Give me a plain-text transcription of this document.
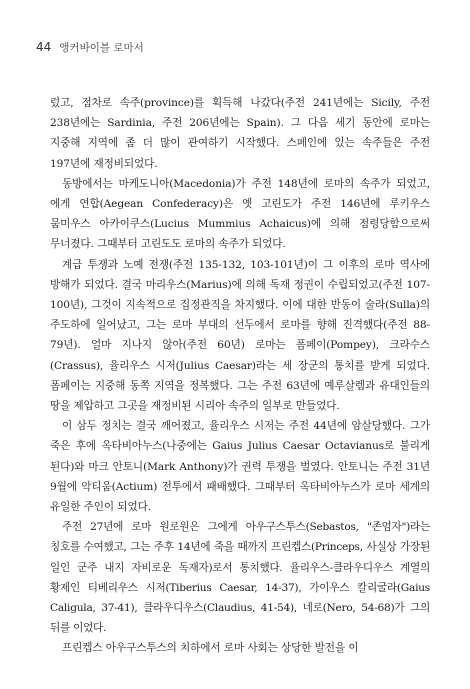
44 앵커바이블 로마서

렀고, 점차로 속주(province)를 획득해 나갔다(주전 241년에는 Sicily, 주전 238년에는 Sardinia, 주전 206년에는 Spain). 그 다음 세기 동안에 로마는 지중해 지역에 좀 더 많이 관여하기 시작했다. 스페인에 있는 속주들은 주전 197년에 재정비되었다.

동방에서는 마케도니아(Macedonia)가 주전 148년에 로마의 속주가 되었고, 에게 연합(Aegean Confederacy)은 옛 고린도가 주전 146년에 루키우스 뭄미우스 아카이쿠스(Lucius Mummius Achaicus)에 의해 점령당함으로써 무너졌다. 그때부터 고린도도 로마의 속주가 되었다.

계급 투쟁과 노예 전쟁(주전 135-132, 103-101년)이 그 이후의 로마 역사에 방해가 되었다. 결국 마리우스(Marius)에 의해 독재 정권이 수립되었고(주전 107-100년), 그것이 지속적으로 집정관직을 차지했다. 이에 대한 반동이 술라(Sulla)의 주도하에 일어났고, 그는 로마 부대의 선두에서 로마를 향해 진격했다(주전 88-79년). 얼마 지나지 않아(주전 60년) 로마는 폼페이(Pompey), 크라수스(Crassus), 율리우스 시저(Julius Caesar)라는 세 장군의 통치를 받게 되었다. 폼페이는 지중해 동쪽 지역을 정복했다. 그는 주전 63년에 예루살렘과 유대인들의 땅을 제압하고 그곳을 재정비된 시리아 속주의 일부로 만들었다.

이 삼두 정치는 결국 깨어졌고, 율리우스 시저는 주전 44년에 암살당했다. 그가 죽은 후에 옥타비아누스(나중에는 Gaius Julius Caesar Octavianus로 불리게 된다)와 마크 안토니(Mark Anthony)가 권력 투쟁을 벌였다. 안토니는 주전 31년 9월에 악티움(Actium) 전투에서 패배했다. 그때부터 옥타비아누스가 로마 세계의 유일한 주인이 되었다.

주전 27년에 로마 원로원은 그에게 아우구스투스(Sebastos, "존엄자")라는 칭호를 수여했고, 그는 주후 14년에 죽을 때까지 프린켑스(Princeps, 사실상 가장된 일인 군주 내지 자비로운 독재자)로서 통치했다. 율리우스-클라우디우스 계열의 황제인 티베리우스 시저(Tiberius Caesar, 14-37), 가이우스 칼리굴라(Gaius Caligula, 37-41), 클라우디우스(Claudius, 41-54), 네로(Nero, 54-68)가 그의 뒤를 이었다.

프린켑스 아우구스투스의 치하에서 로마 사회는 상당한 발전을 이
